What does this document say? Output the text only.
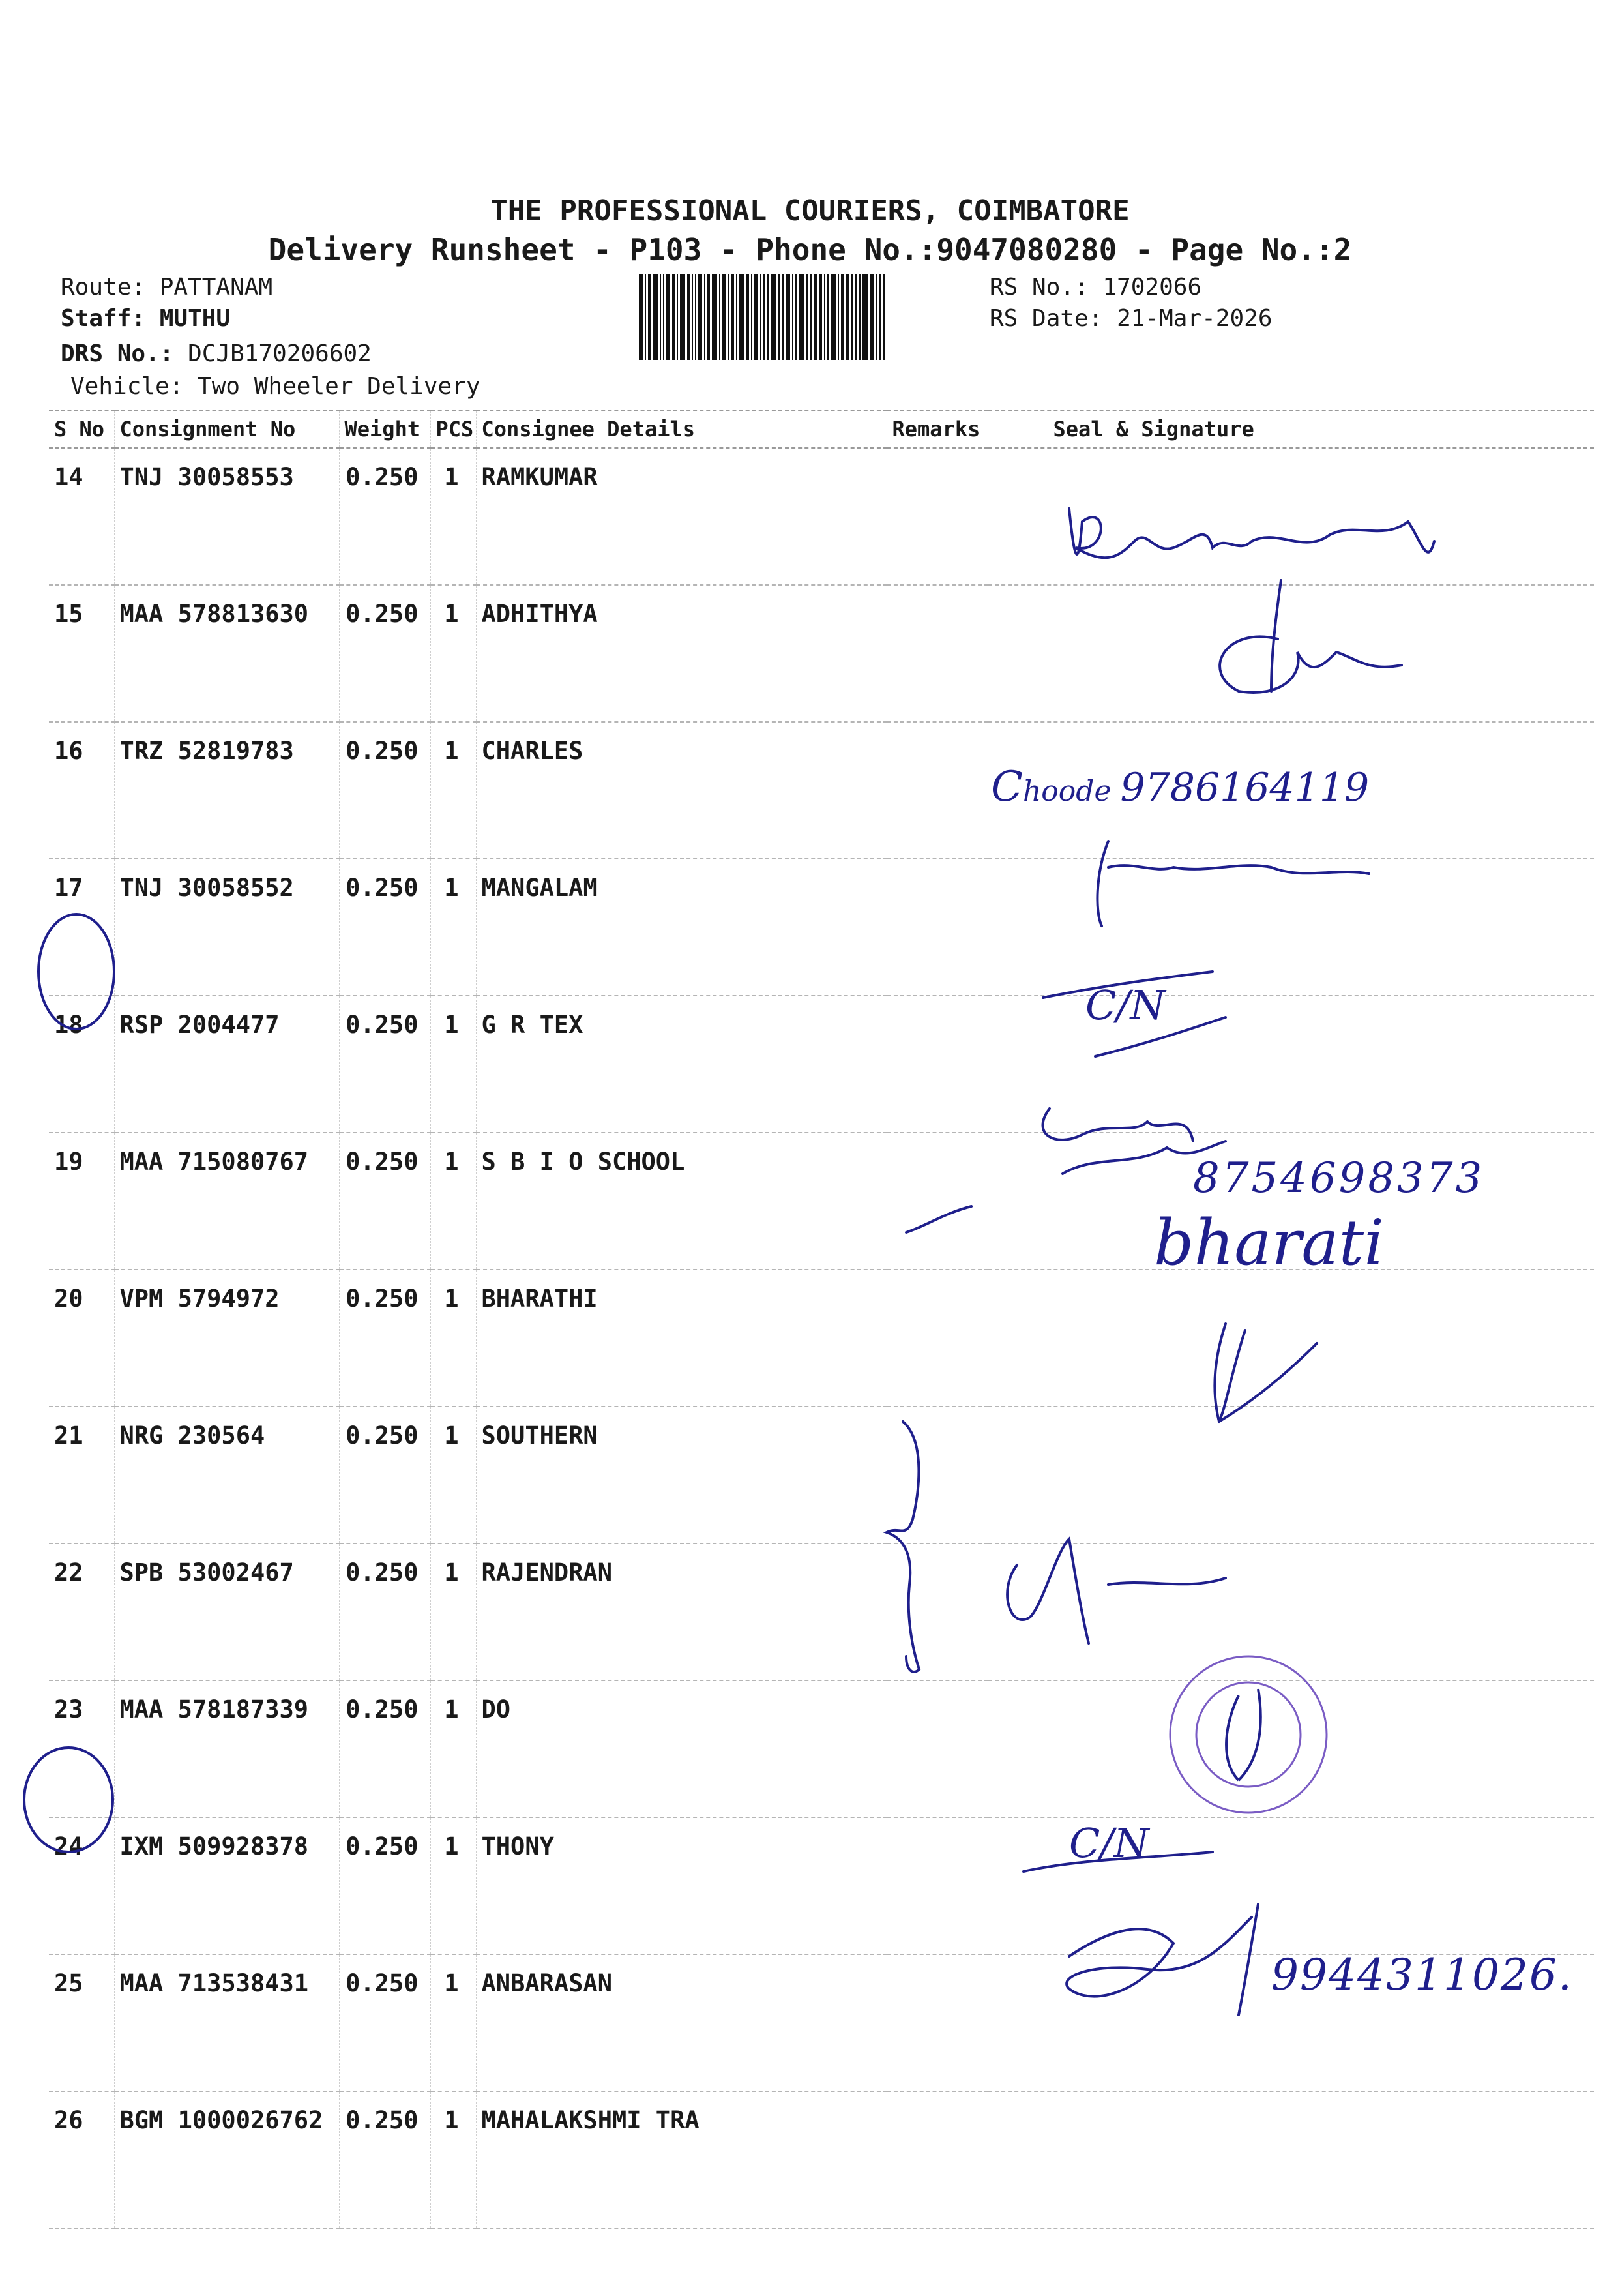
THE PROFESSIONAL COURIERS, COIMBATORE
Delivery Runsheet - P103 - Phone No.:9047080280 - Page No.:2
Route: PATTANAM
Staff: MUTHU
DRS No.: DCJB170206602
Vehicle: Two Wheeler Delivery
RS No.: 1702066
RS Date: 21-Mar-2026
S No	Consignment No	Weight	PCS	Consignee Details	Remarks	Seal & Signature
14	TNJ 30058553	0.250	1	RAMKUMAR		
15	MAA 578813630	0.250	1	ADHITHYA		
16	TRZ 52819783	0.250	1	CHARLES		
17	TNJ 30058552	0.250	1	MANGALAM		
18	RSP 2004477	0.250	1	G R TEX		
19	MAA 715080767	0.250	1	S B I O SCHOOL		
20	VPM 5794972	0.250	1	BHARATHI		
21	NRG 230564	0.250	1	SOUTHERN		
22	SPB 53002467	0.250	1	RAJENDRAN		
23	MAA 578187339	0.250	1	DO		
24	IXM 509928378	0.250	1	THONY		
25	MAA 713538431	0.250	1	ANBARASAN		
26	BGM 1000026762	0.250	1	MAHALAKSHMI TRA		
Choode 9786164119
C/N
8754698373
bharati
C/N
9944311026.
